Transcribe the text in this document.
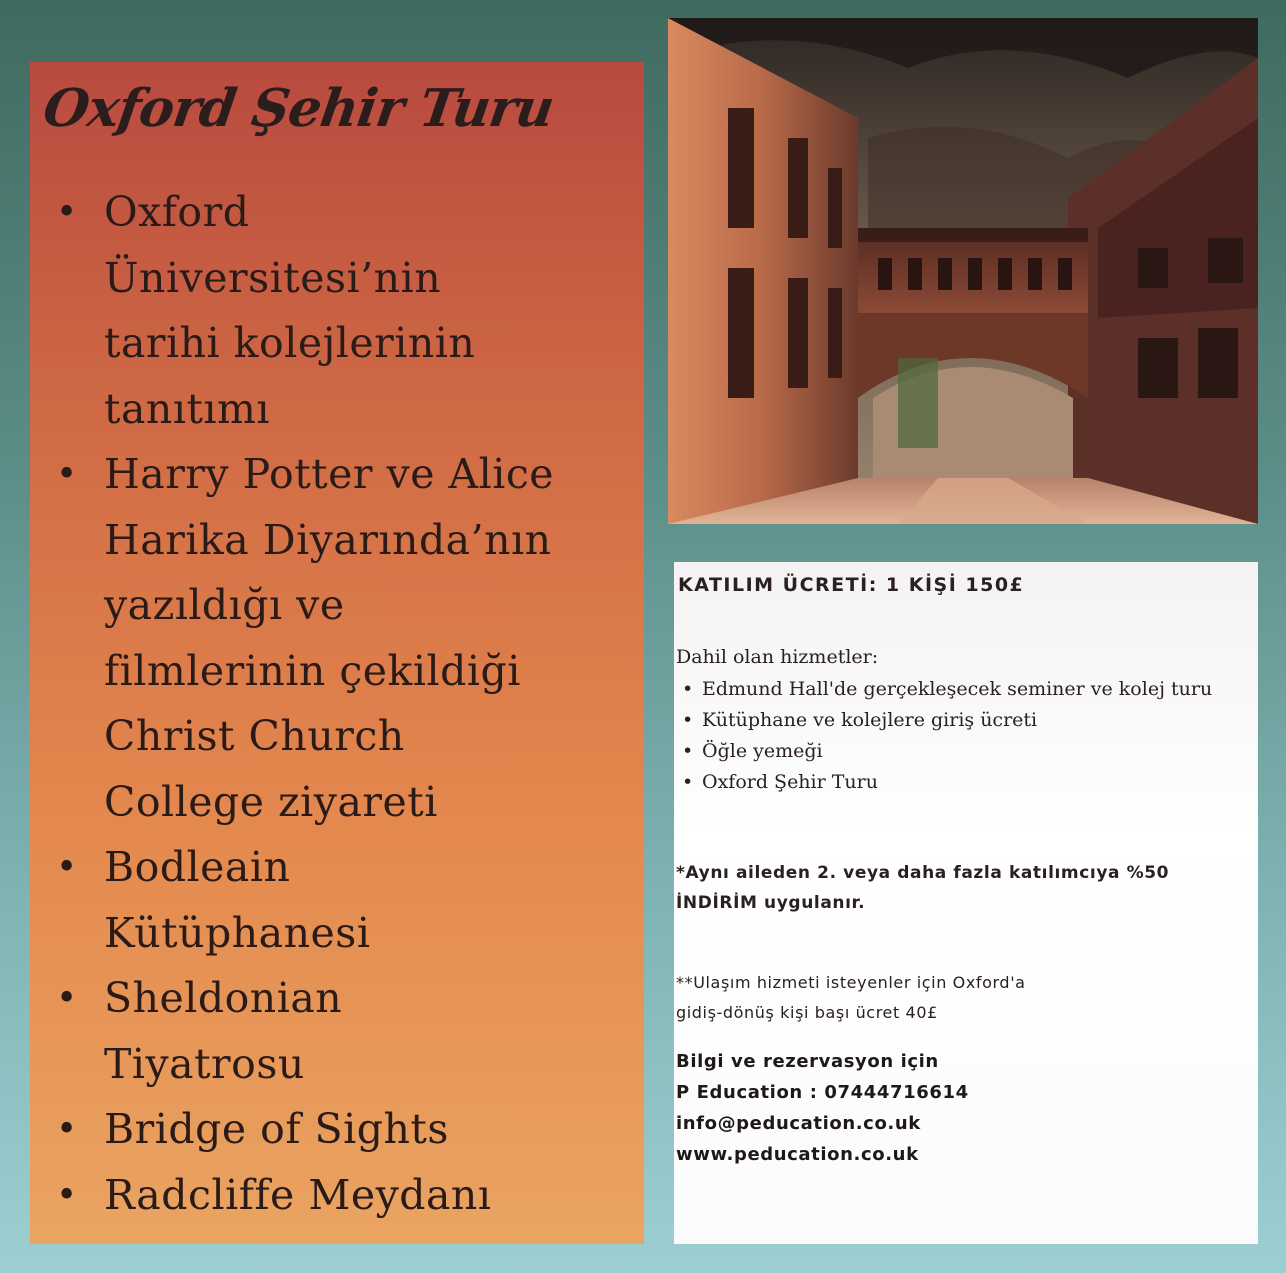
Oxford Şehir Turu
• Oxford
Üniversitesi’nin
tarihi kolejlerinin
tanıtımı
• Harry Potter ve Alice
Harika Diyarında’nın
yazıldığı ve
filmlerinin çekildiği
Christ Church
College ziyareti
• Bodleain
Kütüphanesi
• Sheldonian
Tiyatrosu
• Bridge of Sights
• Radcliffe Meydanı
KATILIM ÜCRETİ: 1 KİŞİ 150£
Dahil olan hizmetler:
• Edmund Hall'de gerçekleşecek seminer ve kolej turu
• Kütüphane ve kolejlere giriş ücreti
• Öğle yemeği
• Oxford Şehir Turu
*Aynı aileden 2. veya daha fazla katılımcıya %50
İNDİRİM uygulanır.
**Ulaşım hizmeti isteyenler için Oxford'a
gidiş-dönüş kişi başı ücret 40£
Bilgi ve rezervasyon için
P Education : 07444716614
info@peducation.co.uk
www.peducation.co.uk
